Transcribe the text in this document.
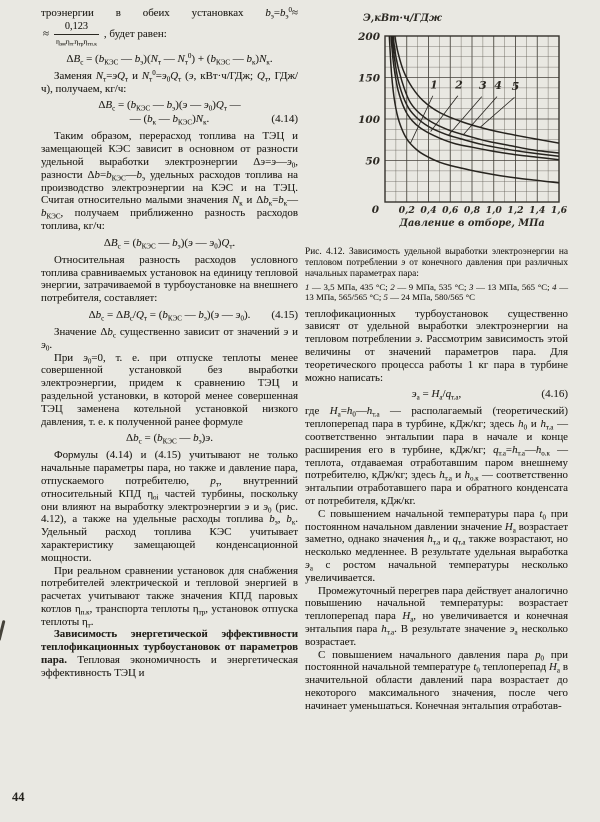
троэнергии в обеих установках $b_э=b_э^0\approx$

≈ $\frac{0,123}{\eta_{эм}\eta_{тг}\eta_{тр}\eta_{тп.к}}$ , будет равен:
$\Delta B_с = (b_{КЭС}$ — $b_э)(N_т$ — $N_т^0) + (b_{КЭС}$ — $b_к)N_к$.

Заменяя $N_т=эQ_т$ и $N_т^0=э_0Q_т$ (э, кВт·ч/ГДж; $Q_т$, ГДж/ч), получаем, кг/ч:

$\Delta B_с = (b_{КЭС}$ — $b_э)(э$ — $э_0)Q_т$ —
— ($b_к$ — $b_{КЭС})N_к$.	(4.14)

Таким образом, перерасход топлива на ТЭЦ и замещающей КЭС зависит в основном от разности удельной выработки электроэнергии $\Delta э=э—э_0$, разности $\Delta b=b_{КЭС}—b_э$ удельных расходов топлива на производство электроэнергии на КЭС и на ТЭЦ. Считая относительно малыми значения $N_к$ и $\Delta b_к=b_к—b_{КЭС}$, получаем приближенно разность расходов топлива, кг/ч:

$\Delta B_с = (b_{КЭС}$ — $b_э)(э$ — $э_0)Q_т$.

Относительная разность расходов условного топлива сравниваемых установок на единицу тепловой энергии, затрачиваемой в турбоустановке на внешнего потребителя, составляет:

$\Delta b_с = \Delta B_с/Q_т = (b_{КЭС}$ — $b_э)(э$ — $э_0$). (4.15)

Значение $\Delta b_с$ существенно зависит от значений э и $э_0$.

При $э_0=0$, т. е. при отпуске теплоты менее совершенной установкой без выработки электроэнергии, придем к сравнению ТЭЦ и раздельной установки, в которой менее совершенная ТЭЦ заменена котельной установкой низкого давления, т. е. к полученной ранее формуле

$\Delta b_с = (b_{КЭС}$ — $b_э)э$.

Формулы (4.14) и (4.15) учитывают не только начальные параметры пара, но также и давление пара, отпускаемого потребителю, $p_т$, внутренний относительный КПД $\eta_{оi}$ частей турбины, поскольку они влияют на выработку электроэнергии э и $э_0$ (рис. 4.12), а также на удельные расходы топлива $b_э$, $b_к$. Удельный расход топлива КЭС учитывает характеристику замещающей конденсационной мощности.

При реальном сравнении установок для снабжения потребителей электрической и тепловой энергией в расчетах учитывают также значения КПД паровых котлов $\eta_{п.к}$, транспорта теплоты $\eta_{тр}$, установок отпуска теплоты $\eta_т$.

Зависимость энергетической эффективности теплофикационных турбоустановок от параметров пара. Тепловая экономичность и энергетическая эффективность ТЭЦ и

1 2 3 4 5
50
100
150
200
0 0,2 0,4 0,6 0,8 1,0 1,2 1,4 1,6
Э,кВт·ч/ГДж
Давление в отборе, МПа
Рис. 4.12. Зависимость удельной выработки электроэнергии на тепловом потреблении э от конечного давления при различных начальных параметрах пара:
1 — 3,5 МПа, 435 °С; 2 — 9 МПа, 535 °С; 3 — 13 МПа, 565 °С; 4 — 13 МПа, 565/565 °С; 5 — 24 МПа, 580/565 °С

теплофикационных турбоустановок существенно зависят от удельной выработки электроэнергии на тепловом потреблении э. Рассмотрим зависимость этой величины от значений параметров пара. Для теоретического процесса работы 1 кг пара в турбине можно написать:

$э_а = H_а/q_{т.а}$,	(4.16)

где $H_а=h_0—h_{т.а}$ — располагаемый (теоретический) теплоперепад пара в турбине, кДж/кг; здесь $h_0$ и $h_{т.а}$ — соответственно энтальпии пара в начале и конце расширения его в турбине, кДж/кг; $q_{т.а}=h_{т.а}—h_{о.к}$ — теплота, отдаваемая отработавшим паром внешнему потребителю, кДж/кг; здесь $h_{т.а}$ и $h_{о.к}$ — соответственно энтальпии отработавшего пара и обратного конденсата от потребителя, кДж/кг.

С повышением начальной температуры пара $t_0$ при постоянном начальном давлении значение $H_а$ возрастает заметно, однако значения $h_{т.а}$ и $q_{т.а}$ также возрастают, но несколько медленнее. В результате удельная выработка $э_а$ с ростом начальной температуры несколько увеличивается.

Промежуточный перегрев пара действует аналогично повышению начальной температуры: возрастает теплоперепад пара $H_а$, но увеличивается и конечная энтальпия пара $h_{т.а}$. В результате значение $э_а$ несколько возрастает.

С повышением начального давления пара $p_0$ при постоянной начальной температуре $t_0$ теплоперепад $H_а$ в значительной области давлений пара возрастает до некоторого максимального значения, после чего начинает уменьшаться. Конечная энтальпия отработав-

44
